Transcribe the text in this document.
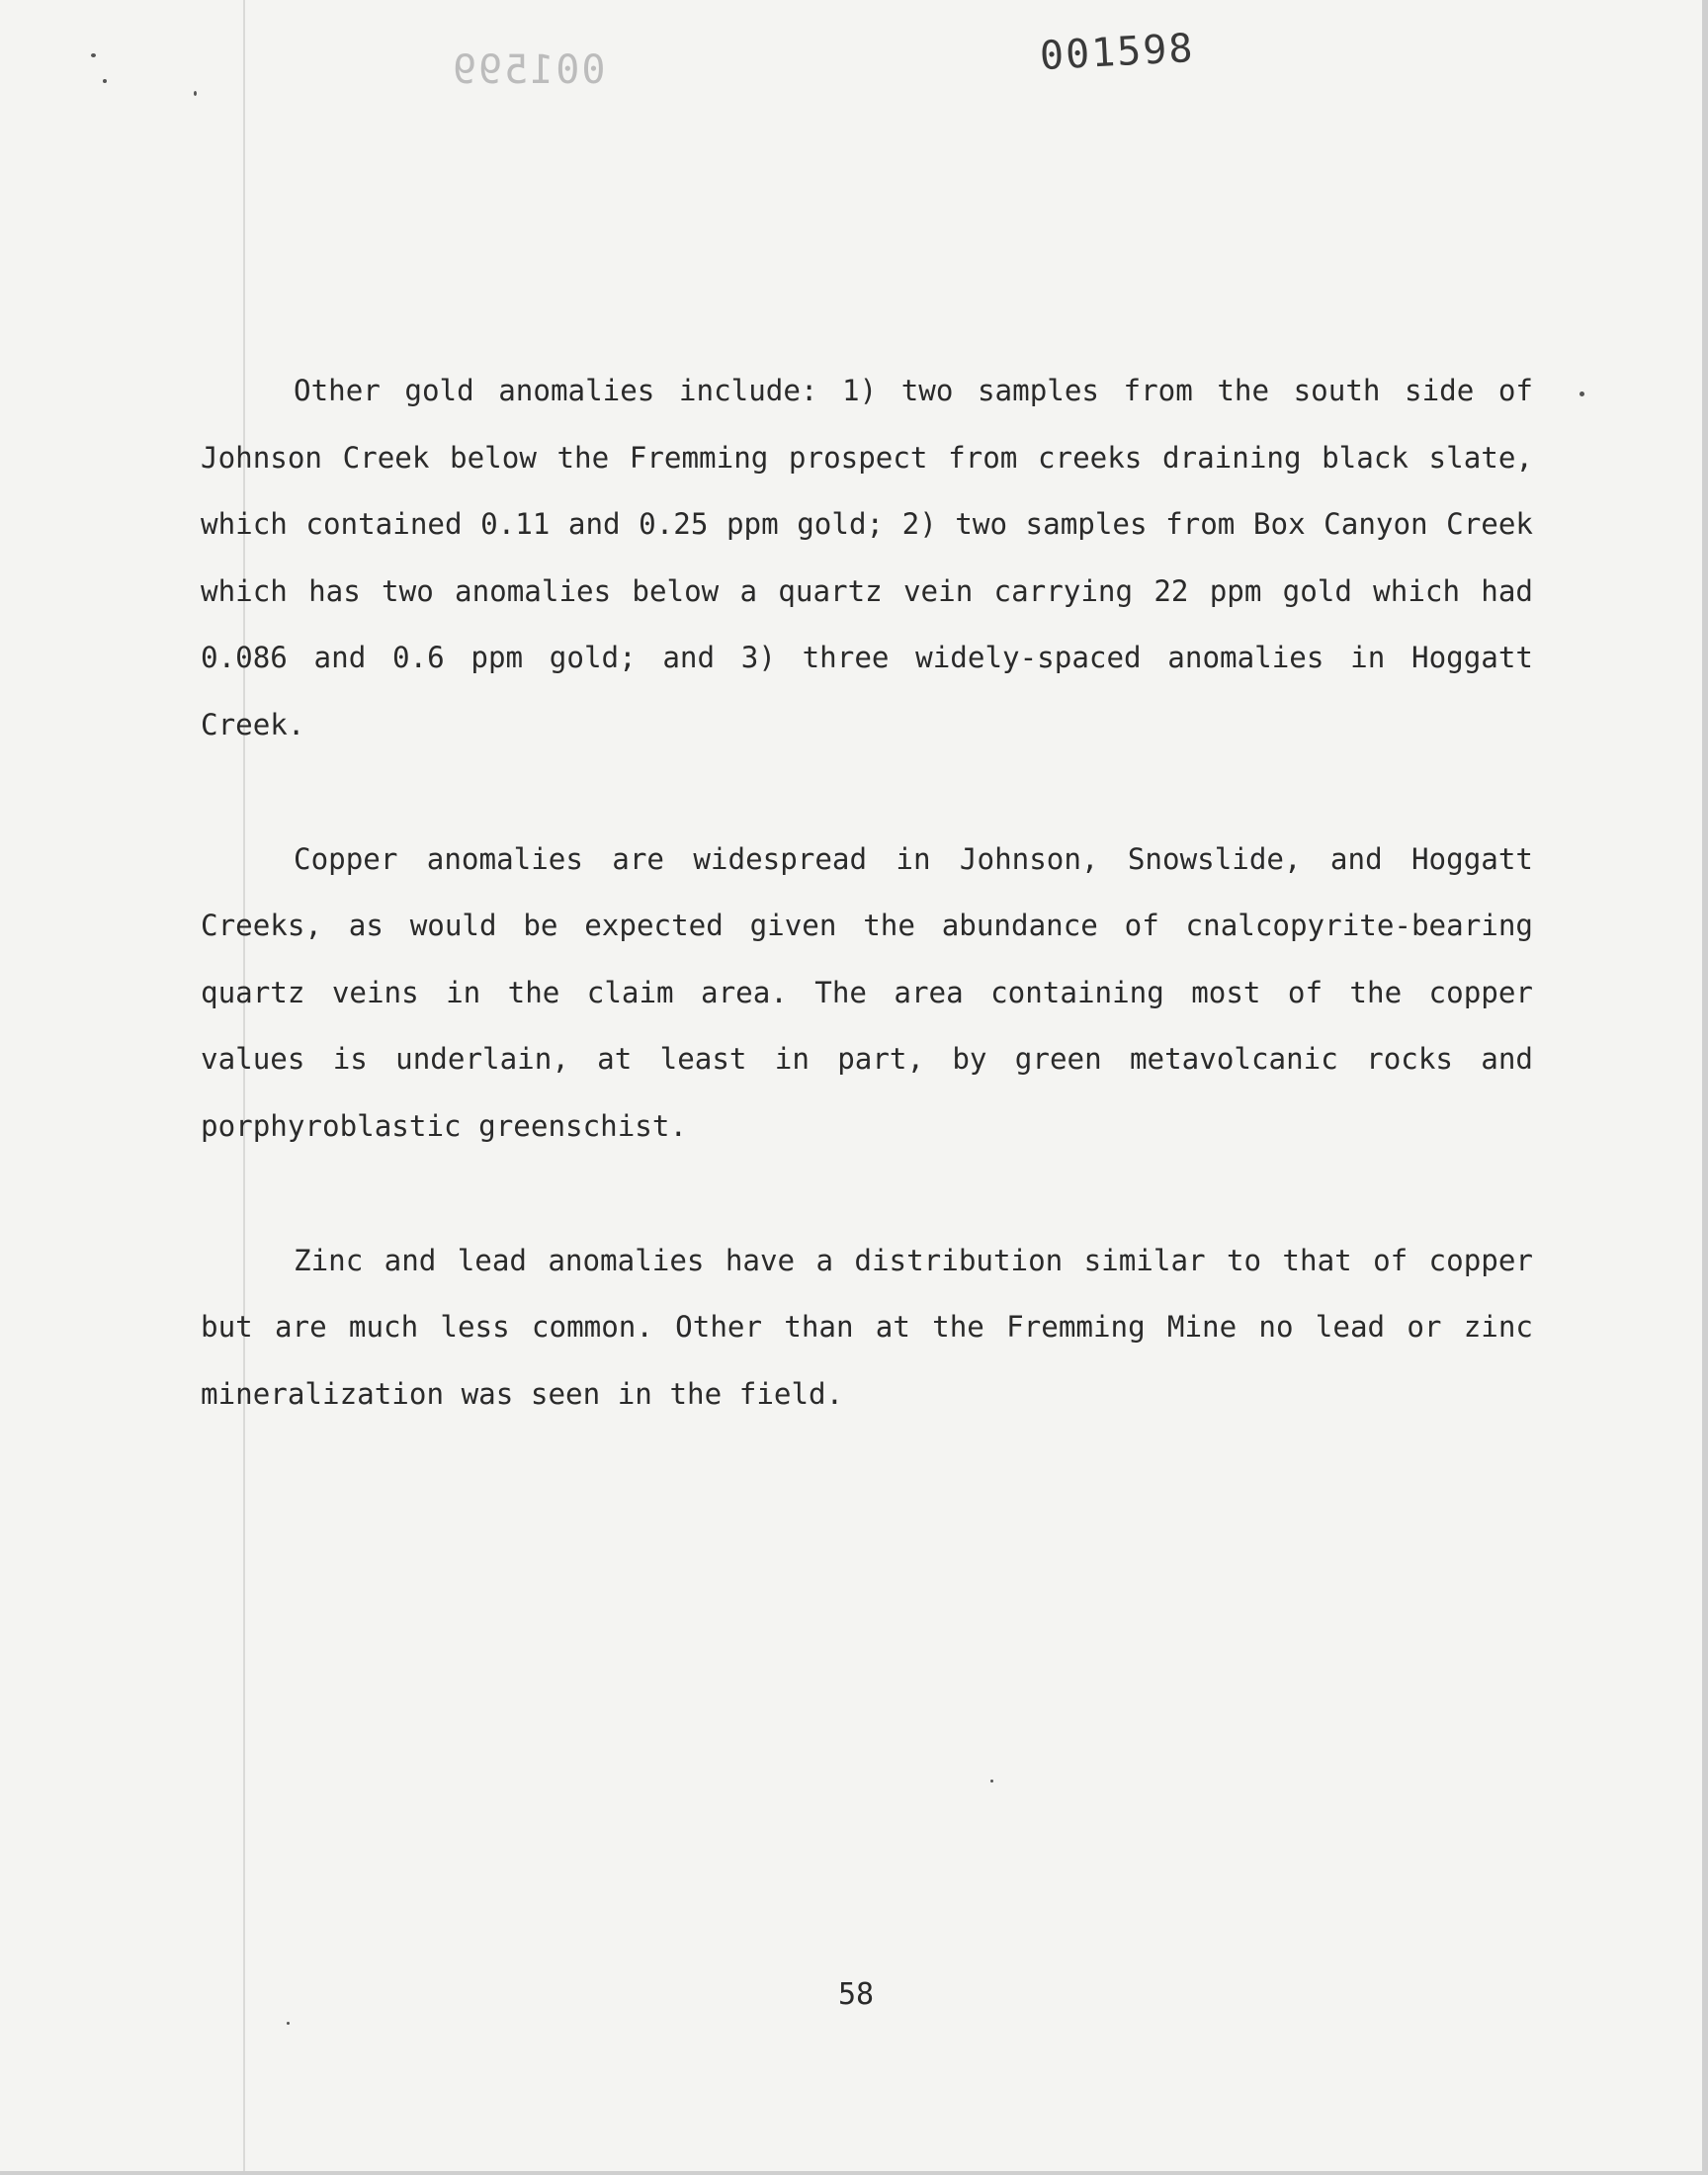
001598
001599

Other gold anomalies include: 1) two samples from the south side of Johnson Creek below the Fremming prospect from creeks draining black slate, which contained 0.11 and 0.25 ppm gold; 2) two samples from Box Canyon Creek which has two anomalies below a quartz vein carrying 22 ppm gold which had 0.086 and 0.6 ppm gold; and 3) three widely-spaced anomalies in Hoggatt Creek.

Copper anomalies are widespread in Johnson, Snowslide, and Hoggatt Creeks, as would be expected given the abundance of cnalcopyrite-bearing quartz veins in the claim area. The area containing most of the copper values is underlain, at least in part, by green metavolcanic rocks and porphyroblastic greenschist.

Zinc and lead anomalies have a distribution similar to that of copper but are much less common. Other than at the Fremming Mine no lead or zinc mineralization was seen in the field.

58
